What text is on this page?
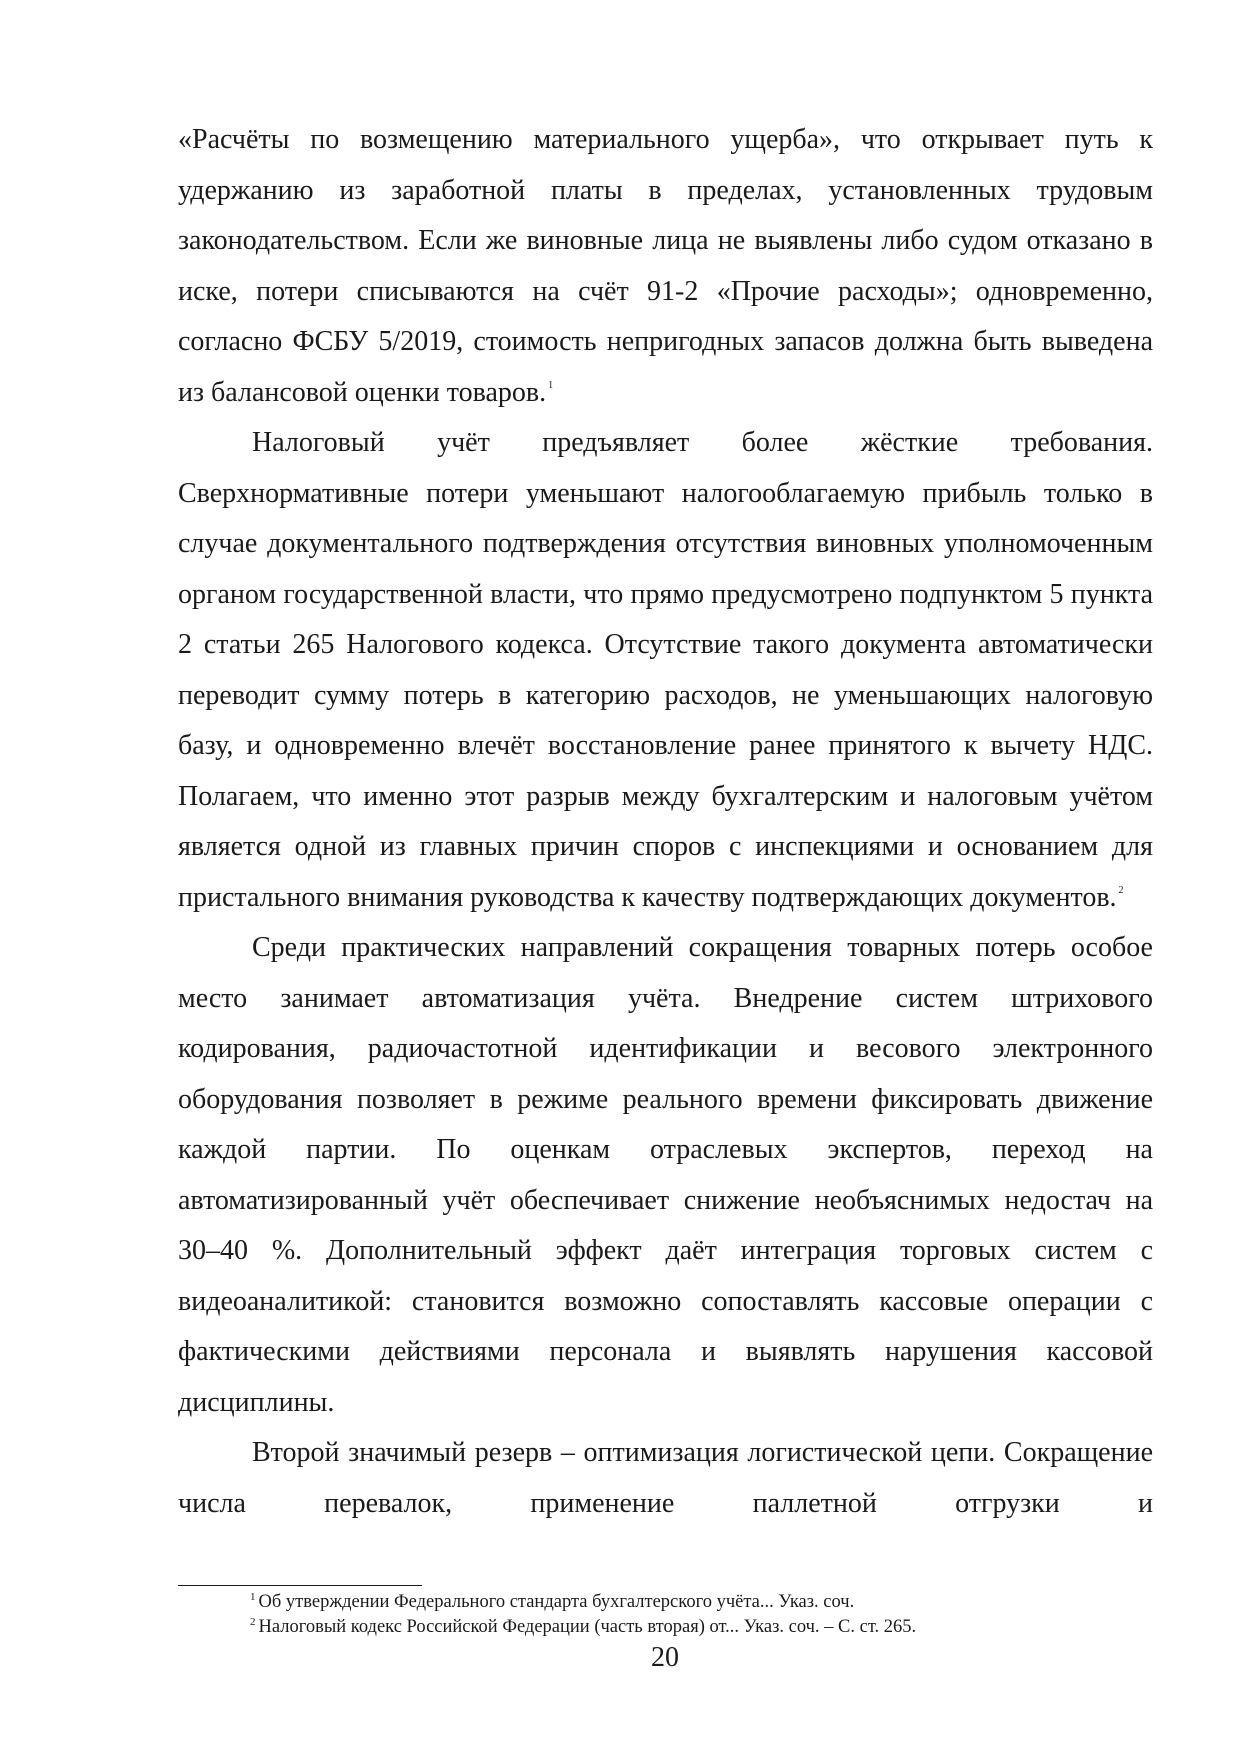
«Расчёты по возмещению материального ущерба», что открывает путь к удержанию из заработной платы в пределах, установленных трудовым законодательством. Если же виновные лица не выявлены либо судом отказано в иске, потери списываются на счёт 91-2 «Прочие расходы»; одновременно, согласно ФСБУ 5/2019, стоимость непригодных запасов должна быть выведена из балансовой оценки товаров. $^1$

Налоговый учёт предъявляет более жёсткие требования. Сверхнормативные потери уменьшают налогооблагаемую прибыль только в случае документального подтверждения отсутствия виновных уполномоченным органом государственной власти, что прямо предусмотрено подпунктом 5 пункта 2 статьи 265 Налогового кодекса. Отсутствие такого документа автоматически переводит сумму потерь в категорию расходов, не уменьшающих налоговую базу, и одновременно влечёт восстановление ранее принятого к вычету НДС. Полагаем, что именно этот разрыв между бухгалтерским и налоговым учётом является одной из главных причин споров с инспекциями и основанием для пристального внимания руководства к качеству подтверждающих документов. $^2$

Среди практических направлений сокращения товарных потерь особое место занимает автоматизация учёта. Внедрение систем штрихового кодирования, радиочастотной идентификации и весового электронного оборудования позволяет в режиме реального времени фиксировать движение каждой партии. По оценкам отраслевых экспертов, переход на автоматизированный учёт обеспечивает снижение необъяснимых недостач на 30–40 %. Дополнительный эффект даёт интеграция торговых систем с видеоаналитикой: становится возможно сопоставлять кассовые операции с фактическими действиями персонала и выявлять нарушения кассовой дисциплины.

Второй значимый резерв – оптимизация логистической цепи. Сокращение числа перевалок, применение паллетной отгрузки и

$^1$ Об утверждении Федерального стандарта бухгалтерского учёта... Указ. соч.
$^2$ Налоговый кодекс Российской Федерации (часть вторая) от... Указ. соч. – С. ст. 265.
20
